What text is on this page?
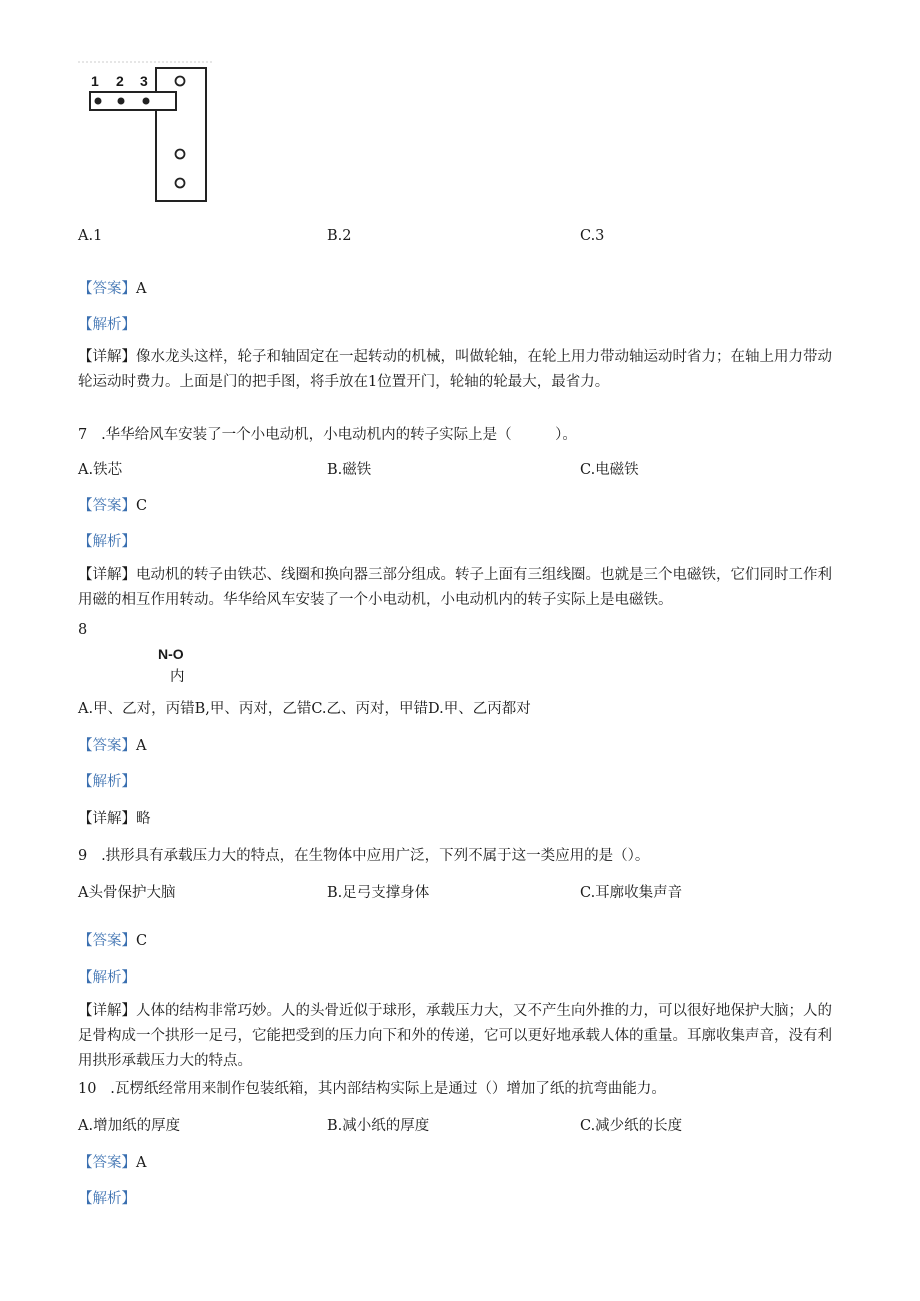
1 2 3
A.1	B.2	C.3
【答案】A
【解析】
【详解】像水龙头这样，轮子和轴固定在一起转动的机械，叫做轮轴，在轮上用力带动轴运动时省力；在轴上用力带动轮运动时费力。上面是门的把手图，将手放在1位置开门，轮轴的轮最大，最省力。
7 .华华给风车安装了一个小电动机，小电动机内的转子实际上是（　　　）。
A.铁芯	B.磁铁	C.电磁铁
【答案】C
【解析】
【详解】电动机的转子由铁芯、线圈和换向器三部分组成。转子上面有三组线圈。也就是三个电磁铁，它们同时工作利用磁的相互作用转动。华华给风车安装了一个小电动机，小电动机内的转子实际上是电磁铁。
8
N-O
内
A.甲、乙对，丙错B,甲、丙对，乙错C.乙、丙对，甲错D.甲、乙丙都对
【答案】A
【解析】
【详解】略
9 .拱形具有承载压力大的特点，在生物体中应用广泛，下列不属于这一类应用的是（）。
A头骨保护大脑	B.足弓支撑身体	C.耳廓收集声音
【答案】C
【解析】
【详解】人体的结构非常巧妙。人的头骨近似于球形，承载压力大，又不产生向外推的力，可以很好地保护大脑；人的足骨构成一个拱形一足弓，它能把受到的压力向下和外的传递，它可以更好地承载人体的重量。耳廓收集声音，没有利用拱形承载压力大的特点。
10 .瓦楞纸经常用来制作包装纸箱，其内部结构实际上是通过（）增加了纸的抗弯曲能力。
A.增加纸的厚度	B.减小纸的厚度	C.减少纸的长度
【答案】A
【解析】
